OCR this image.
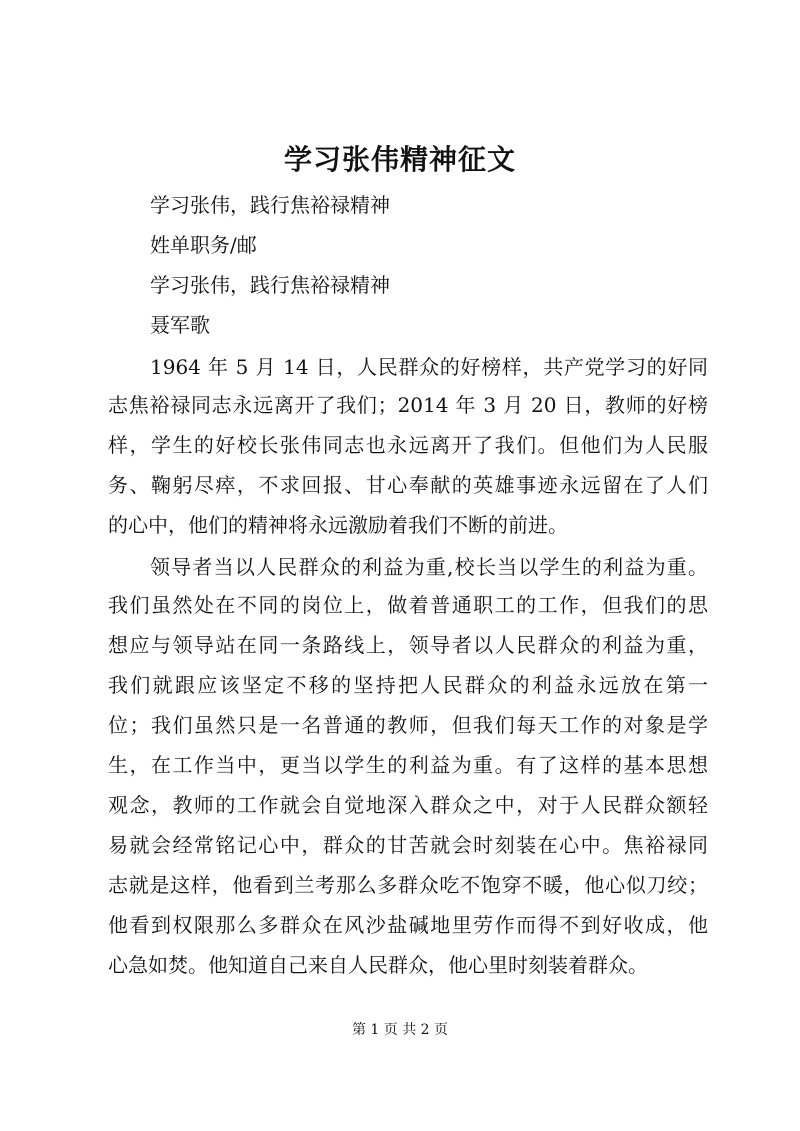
学习张伟精神征文
学习张伟，践行焦裕禄精神
姓单职务/邮
学习张伟，践行焦裕禄精神
聂军歌
1964 年 5 月 14 日，人民群众的好榜样，共产党学习的好同
志焦裕禄同志永远离开了我们；2014 年 3 月 20 日，教师的好榜
样，学生的好校长张伟同志也永远离开了我们。但他们为人民服
务、鞠躬尽瘁，不求回报、甘心奉献的英雄事迹永远留在了人们
的心中，他们的精神将永远激励着我们不断的前进。
领导者当以人民群众的利益为重,校长当以学生的利益为重。
我们虽然处在不同的岗位上，做着普通职工的工作，但我们的思
想应与领导站在同一条路线上，领导者以人民群众的利益为重，
我们就跟应该坚定不移的坚持把人民群众的利益永远放在第一
位；我们虽然只是一名普通的教师，但我们每天工作的对象是学
生，在工作当中，更当以学生的利益为重。有了这样的基本思想
观念，教师的工作就会自觉地深入群众之中，对于人民群众额轻
易就会经常铭记心中，群众的甘苦就会时刻装在心中。焦裕禄同
志就是这样，他看到兰考那么多群众吃不饱穿不暖，他心似刀绞；
他看到权限那么多群众在风沙盐碱地里劳作而得不到好收成，他
心急如焚。他知道自己来自人民群众，他心里时刻装着群众。
第 1 页 共 2 页
